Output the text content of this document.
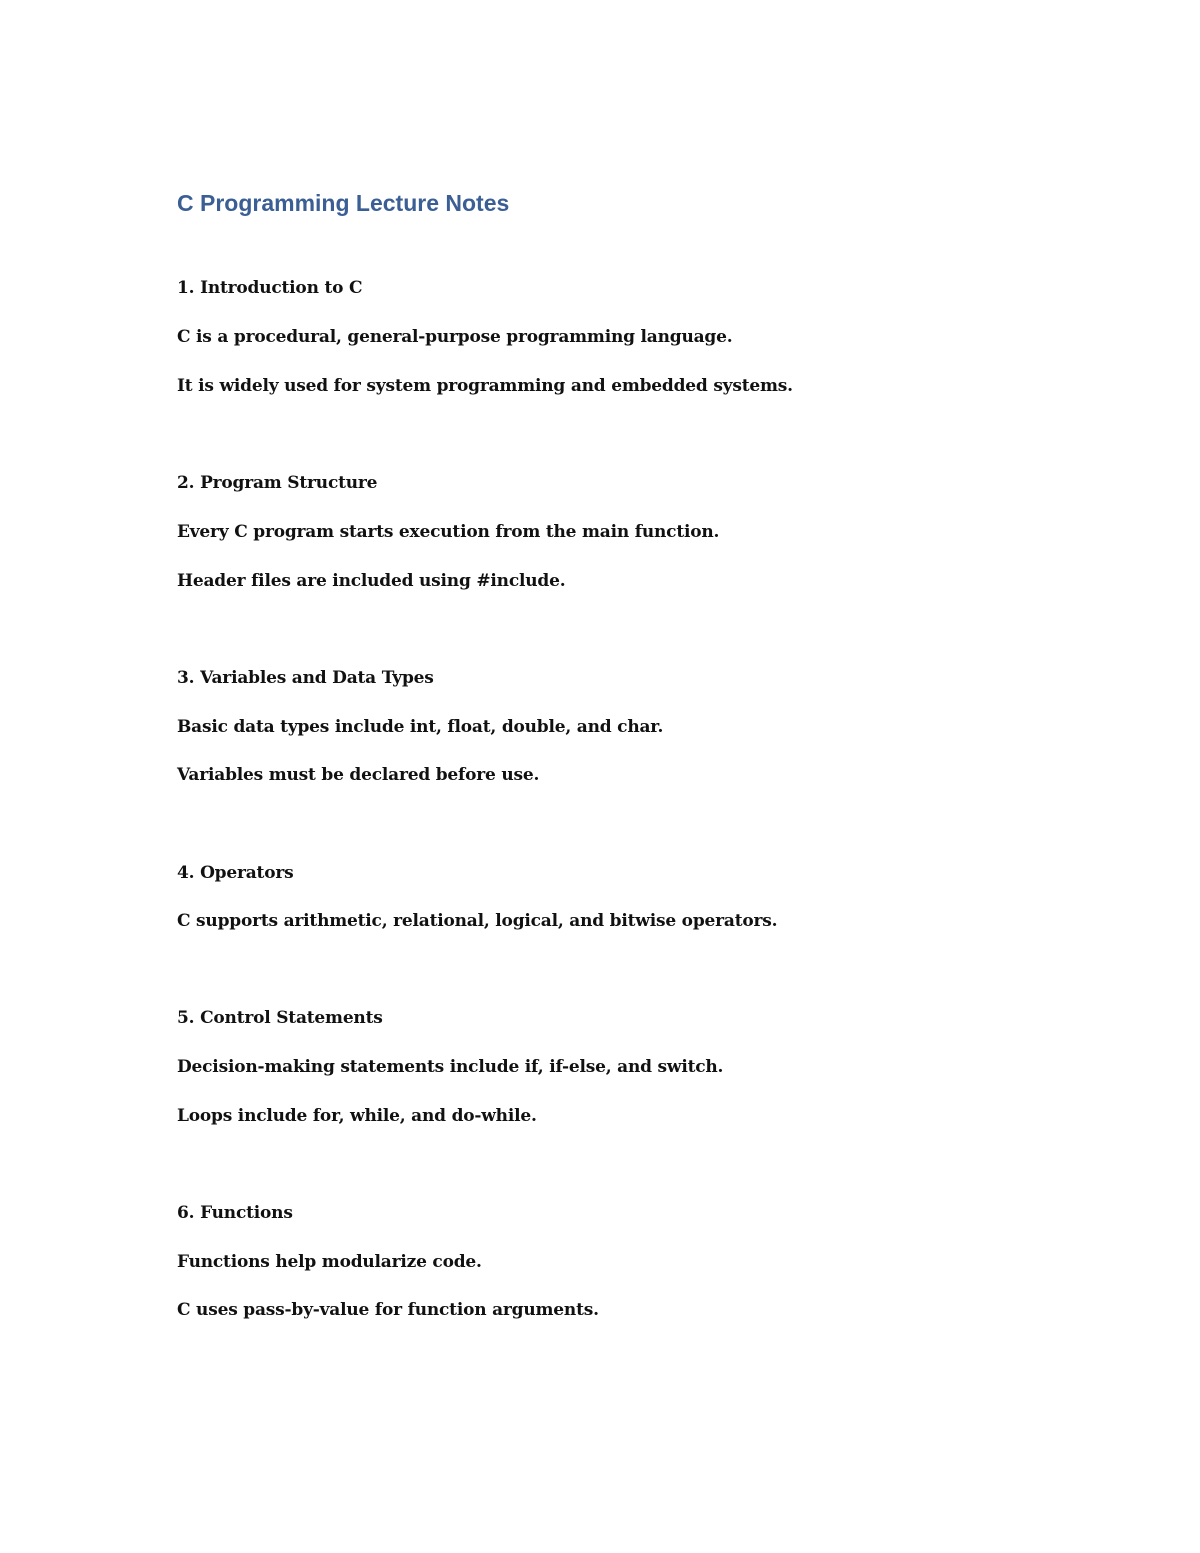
C Programming Lecture Notes

1. Introduction to C

C is a procedural, general-purpose programming language.

It is widely used for system programming and embedded systems.

2. Program Structure

Every C program starts execution from the main function.

Header files are included using #include.

3. Variables and Data Types

Basic data types include int, float, double, and char.

Variables must be declared before use.

4. Operators

C supports arithmetic, relational, logical, and bitwise operators.

5. Control Statements

Decision-making statements include if, if-else, and switch.

Loops include for, while, and do-while.

6. Functions

Functions help modularize code.

C uses pass-by-value for function arguments.
